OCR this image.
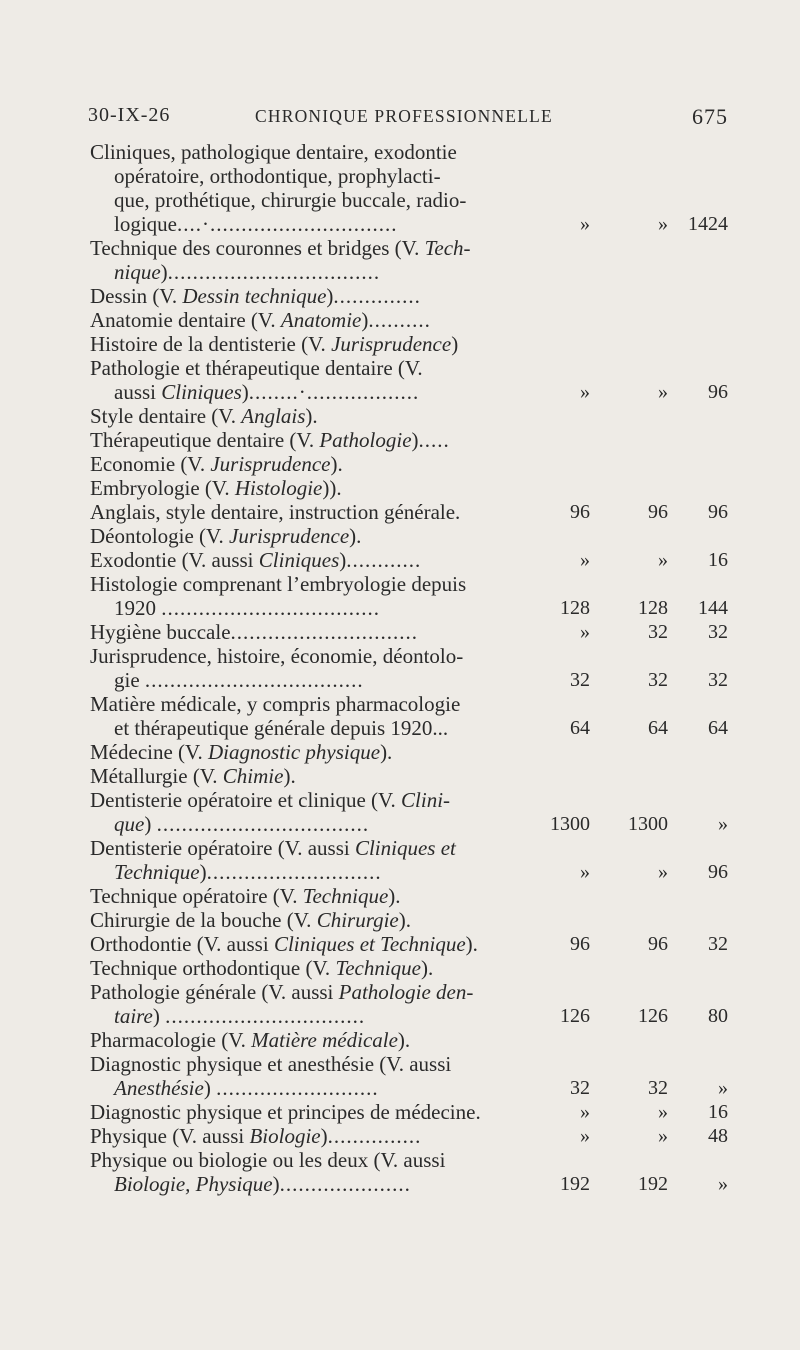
30-IX-26	CHRONIQUE PROFESSIONNELLE	675
Cliniques, pathologique dentaire, exodontie
opératoire, orthodontique, prophylacti-
que, prothétique, chirurgie buccale, radio-
logique....·..............................	»	» 1424
Technique des couronnes et bridges (V. Tech-
nique)..................................
Dessin (V. Dessin technique)..............
Anatomie dentaire (V. Anatomie)..........
Histoire de la dentisterie (V. Jurisprudence)
Pathologie et thérapeutique dentaire (V.
aussi Cliniques)........·..................	»	» 96
Style dentaire (V. Anglais).
Thérapeutique dentaire (V. Pathologie).....
Economie (V. Jurisprudence).
Embryologie (V. Histologie)).
Anglais, style dentaire, instruction générale.	96	96 96
Déontologie (V. Jurisprudence).
Exodontie (V. aussi Cliniques)............	»	» 16
Histologie comprenant l’embryologie depuis
1920 ...................................	128 128 144
Hygiène buccale..............................	»	32 32
Jurisprudence, histoire, économie, déontolo-
gie ...................................	32	32 32
Matière médicale, y compris pharmacologie
et thérapeutique générale depuis 1920...	64	64 64
Médecine (V. Diagnostic physique).
Métallurgie (V. Chimie).
Dentisterie opératoire et clinique (V. Clini-
que) ..................................	1300 1300	»
Dentisterie opératoire (V. aussi Cliniques et
Technique)............................	»	» 96
Technique opératoire (V. Technique).
Chirurgie de la bouche (V. Chirurgie).
Orthodontie (V. aussi Cliniques et Technique).	96	96 32
Technique orthodontique (V. Technique).
Pathologie générale (V. aussi Pathologie den-
taire) ................................	126 126 80
Pharmacologie (V. Matière médicale).
Diagnostic physique et anesthésie (V. aussi
Anesthésie) ..........................	32	32	»
Diagnostic physique et principes de médecine.	»	» 16
Physique (V. aussi Biologie)...............	»	» 48
Physique ou biologie ou les deux (V. aussi
Biologie, Physique).....................	192 192	»
